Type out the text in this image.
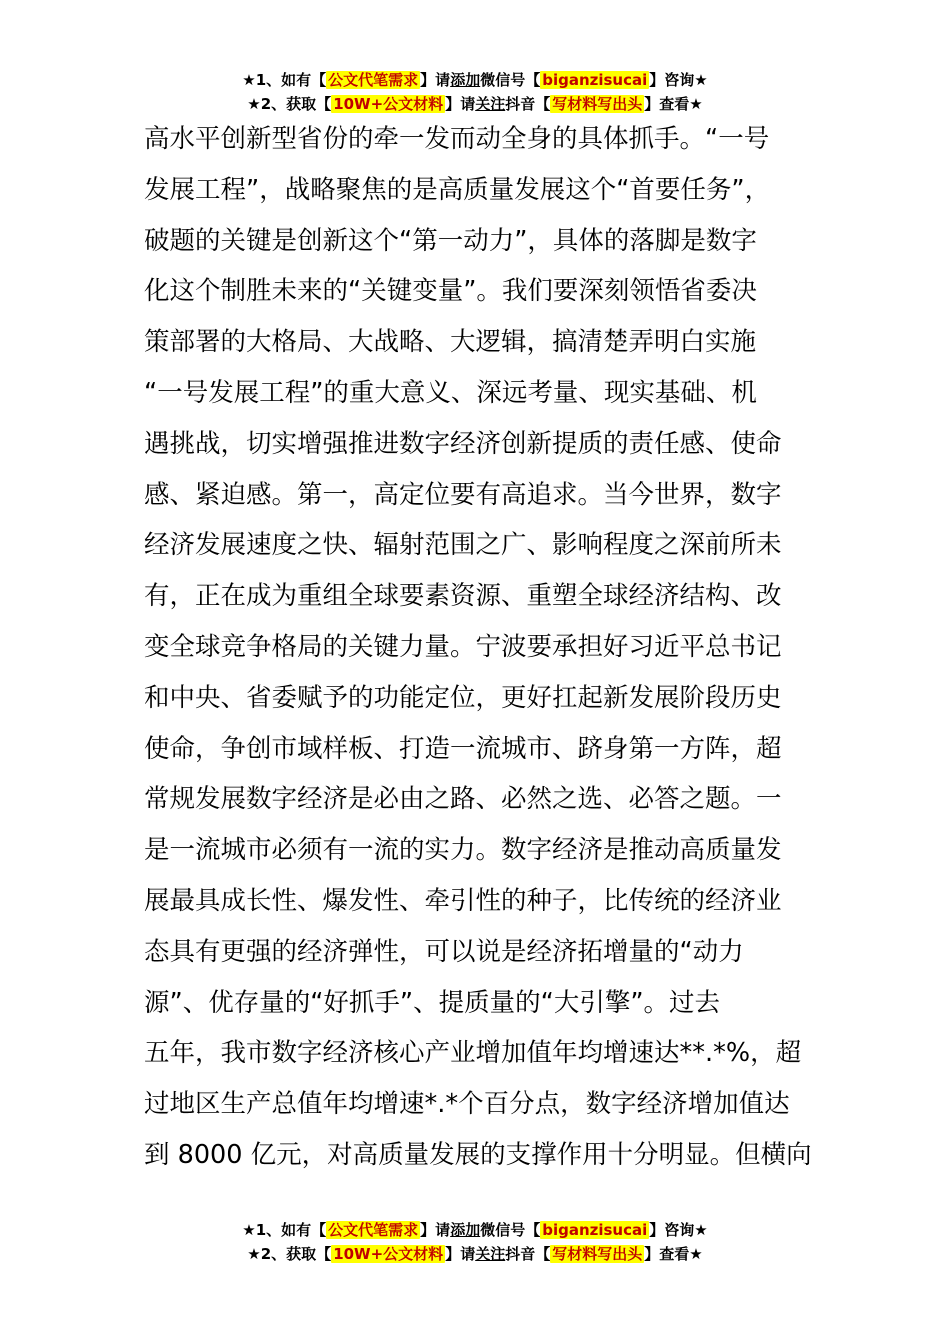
★1、如有【 公文代笔需求 】请添加微信号【 biganzisucai 】咨询★
★2、获取【 10W+公文材料 】请关注抖音【 写材料写出头 】查看★
高水平创新型省份的牵一发而动全身的具体抓手。“一号
发展工程”，战略聚焦的是高质量发展这个“首要任务”，
破题的关键是创新这个“第一动力”，具体的落脚是数字
化这个制胜未来的“关键变量”。我们要深刻领悟省委决
策部署的大格局、大战略、大逻辑，搞清楚弄明白实施
“一号发展工程”的重大意义、深远考量、现实基础、机
遇挑战，切实增强推进数字经济创新提质的责任感、使命
感、紧迫感。第一，高定位要有高追求。当今世界，数字
经济发展速度之快、辐射范围之广、影响程度之深前所未
有，正在成为重组全球要素资源、重塑全球经济结构、改
变全球竞争格局的关键力量。宁波要承担好习近平总书记
和中央、省委赋予的功能定位，更好扛起新发展阶段历史
使命，争创市域样板、打造一流城市、跻身第一方阵，超
常规发展数字经济是必由之路、必然之选、必答之题。一
是一流城市必须有一流的实力。数字经济是推动高质量发
展最具成长性、爆发性、牵引性的种子，比传统的经济业
态具有更强的经济弹性，可以说是经济拓增量的“动力
源”、优存量的“好抓手”、提质量的“大引擎”。过去
五年，我市数字经济核心产业增加值年均增速达**.*%，超
过地区生产总值年均增速*.*个百分点，数字经济增加值达
到 8000 亿元，对高质量发展的支撑作用十分明显。但横向
★1、如有【 公文代笔需求 】请添加微信号【 biganzisucai 】咨询★
★2、获取【 10W+公文材料 】请关注抖音【 写材料写出头 】查看★
